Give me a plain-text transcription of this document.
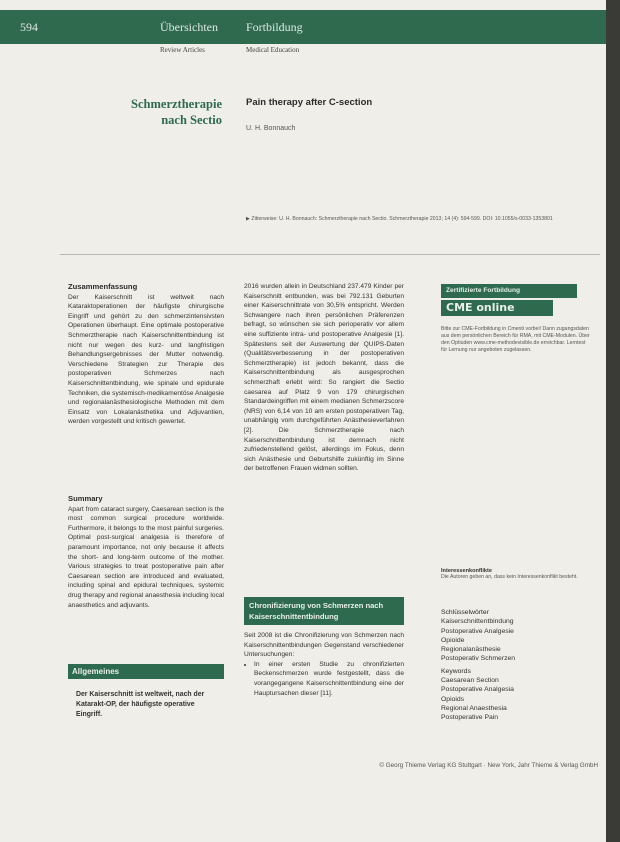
594	Übersichten Fortbildung
Review Articles	Medical Education
Schmerztherapie nach Sectio
Pain therapy after C-section
U. H. Bonnauch
▶ Zitierweise: U. H. Bonnauch: Schmerztherapie nach Sectio. Schmerztherapie 2013; 14 (4): 594-599. DOI: 10.1055/s-0033-1353801
Zusammenfassung
Der Kaiserschnitt ist weltweit nach Kataraktoperationen der häufigste chirurgische Eingriff und gehört zu den schmerzintensivsten Operationen überhaupt. Eine optimale postoperative Schmerztherapie nach Kaiserschnittentbindung ist nicht nur wegen des kurz- und langfristigen Behandlungsergebnisses der Mutter notwendig. Verschiedene Strategien zur Therapie des postoperativen Schmerzes nach Kaiserschnittentbindung, wie spinale und epidurale Techniken, die systemisch-medikamentöse Analgesie und regionalanästhesiologische Methoden mit dem Einsatz von Lokalanästhetika und Adjuvantien, werden vorgestellt und kritisch gewertet.
Summary
Apart from cataract surgery, Caesarean section is the most common surgical procedure worldwide. Furthermore, it belongs to the most painful surgeries. Optimal post-surgical analgesia is therefore of paramount importance, not only because it affects the short- and long-term outcome of the mother. Various strategies to treat postoperative pain after Caesarean section are introduced and evaluated, including spinal and epidural techniques, systemic drug therapy and regional anaesthesia including local anaesthetics and adjuvants.
Allgemeines
Der Kaiserschnitt ist weltweit, nach der Katarakt-OP, der häufigste operative Eingriff.
2016 wurden allein in Deutschland 237.479 Kinder per Kaiserschnitt entbunden, was bei 792.131 Geburten einer Kaiserschnittrate von 30,5% entspricht. Werden Schwangere nach ihren persönlichen Präferenzen befragt, so wünschen sie sich perioperativ vor allem eine suffiziente intra- und postoperative Analgesie [1]. Spätestens seit der Auswertung der QUIPS-Daten (Qualitätsverbesserung in der postoperativen Schmerztherapie) ist jedoch bekannt, dass die Kaiserschnittentbindung als ausgesprochen schmerzhaft erlebt wird: So rangiert die Sectio caesarea auf Platz 9 von 179 chirurgischen Standardeingriffen mit einem medianen Schmerzscore (NRS) von 6,14 von 10 am ersten postoperativen Tag, unabhängig vom durchgeführten Anästhesieverfahren [2]. Die Schmerztherapie nach Kaiserschnittentbindung ist demnach nicht zufriedenstellend gelöst, allerdings im Fokus, denn sich Anästhesie und Geburtshilfe zukünftig im Sinne der betroffenen Frauen widmen sollten.
Chronifizierung von Schmerzen nach Kaiserschnittentbindung
Seit 2008 ist die Chronifizierung von Schmerzen nach Kaiserschnittentbindungen Gegenstand verschiedener Untersuchungen:
• In einer ersten Studie zu chronifizierten Beckenschmerzen wurde festgestellt, dass die vorangegangene Kaiserschnittentbindung eine der Hauptursachen dieser [11].
Zertifizierte Fortbildung
CME online
Bitte zur CME-Fortbildung in Cmenti vorbei! Dann zugangsdaten aus dem persönlichen Bereich für RMA, mit CME-Modulen. Über den Optiuden www.cme-methodevisible.de erreichbar. Lerntest für Lernung nur angeboten zugelassen.
Interessenkonflikte
Die Autoren geben an, dass kein Interessenkonflikt besteht.
Schlüsselwörter
Kaiserschnittentbindung
Postoperative Analgesie
Opioide
Regionalanästhesie
Postoperativ Schmerzen
Keywords
Caesarean Section
Postoperative Analgesia
Opioids
Regional Anaesthesia
Postoperative Pain
© Georg Thieme Verlag KG Stuttgart · New York, Jahr Thieme & Verlag GmbH
